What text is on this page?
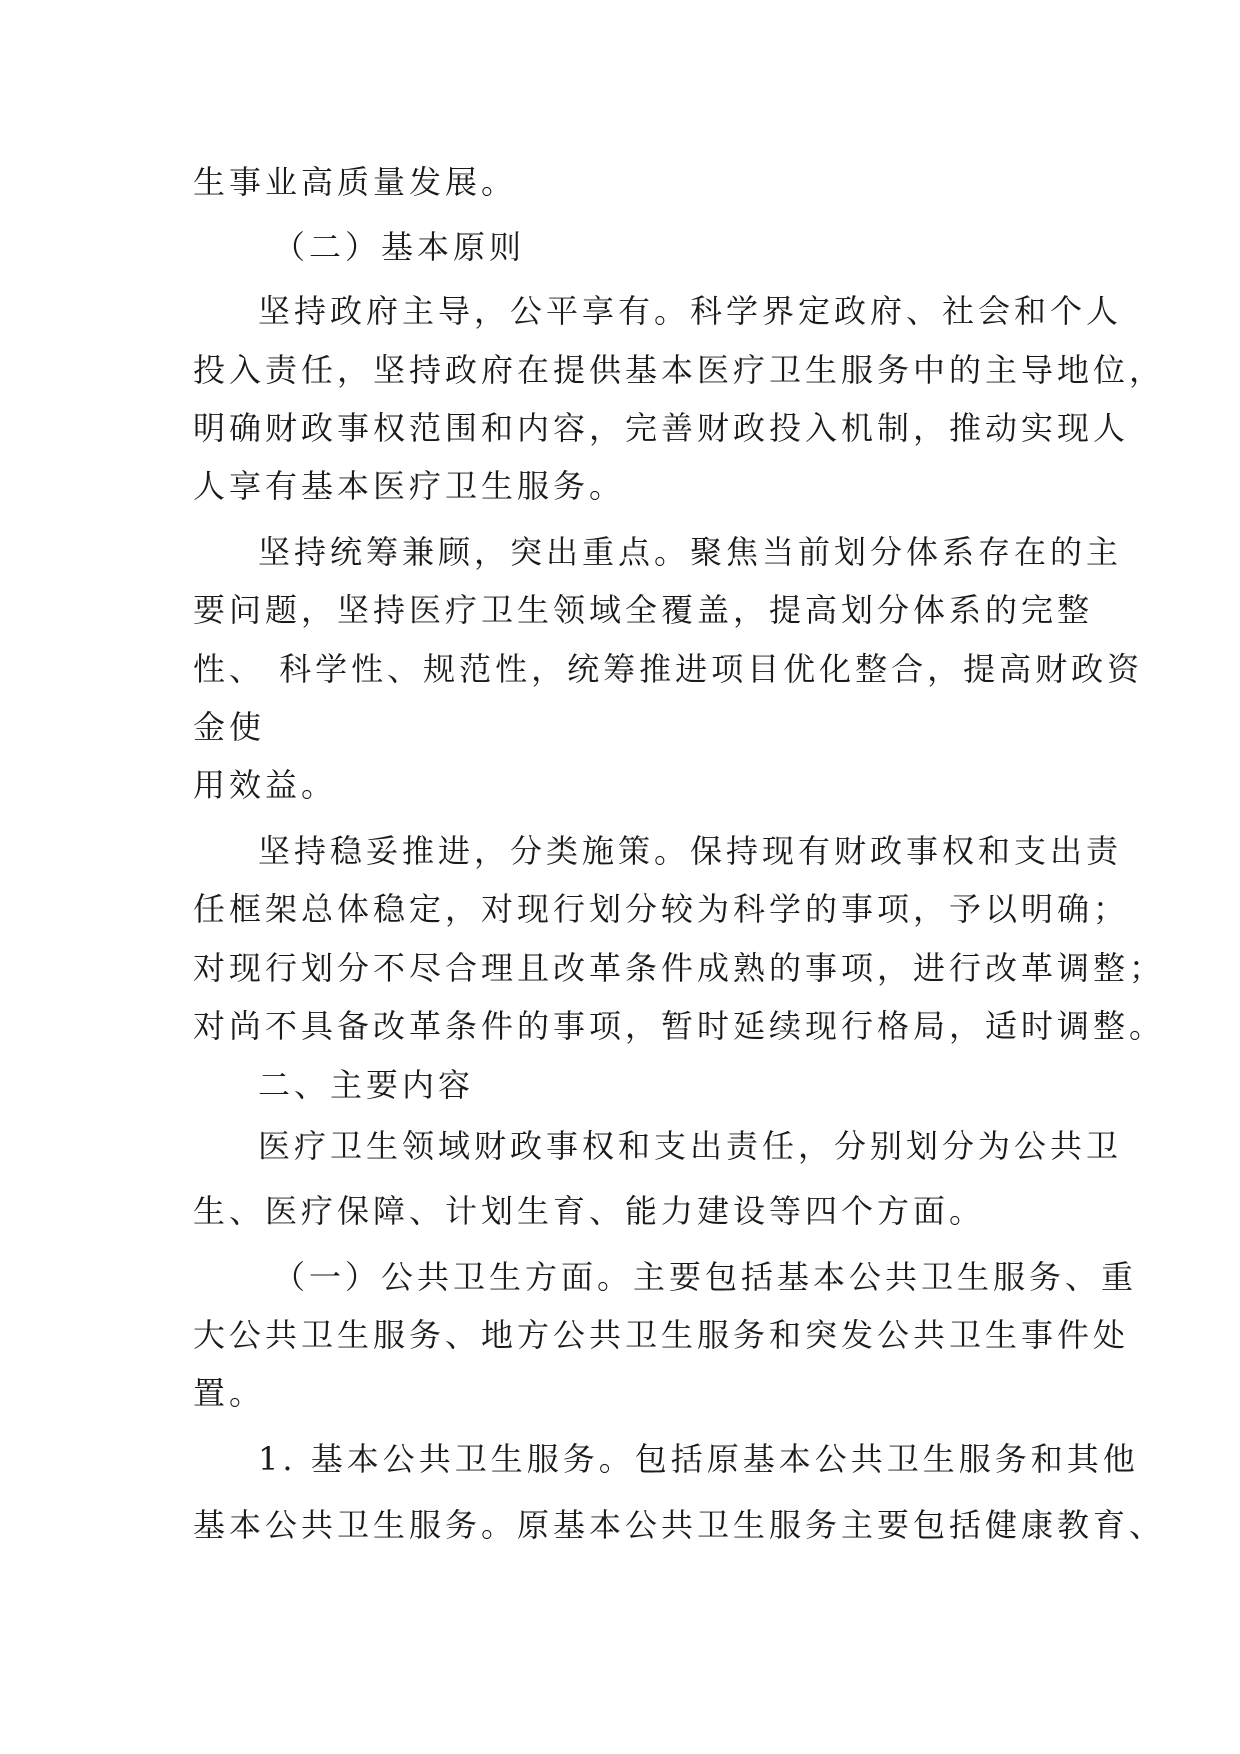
生事业高质量发展。
（二）基本原则
坚持政府主导，公平享有。科学界定政府、社会和个人
投入责任，坚持政府在提供基本医疗卫生服务中的主导地位，
明确财政事权范围和内容，完善财政投入机制，推动实现人
人享有基本医疗卫生服务。
坚持统筹兼顾，突出重点。聚焦当前划分体系存在的主
要问题，坚持医疗卫生领域全覆盖，提高划分体系的完整
性、 科学性、规范性，统筹推进项目优化整合，提高财政资
金使
用效益。
坚持稳妥推进，分类施策。保持现有财政事权和支出责
任框架总体稳定，对现行划分较为科学的事项，予以明确；
对现行划分不尽合理且改革条件成熟的事项，进行改革调整；
对尚不具备改革条件的事项，暂时延续现行格局，适时调整。
二、主要内容
医疗卫生领域财政事权和支出责任，分别划分为公共卫
生、医疗保障、计划生育、能力建设等四个方面。
（一）公共卫生方面。主要包括基本公共卫生服务、重
大公共卫生服务、地方公共卫生服务和突发公共卫生事件处
置。
1. 基本公共卫生服务。包括原基本公共卫生服务和其他
基本公共卫生服务。原基本公共卫生服务主要包括健康教育、
